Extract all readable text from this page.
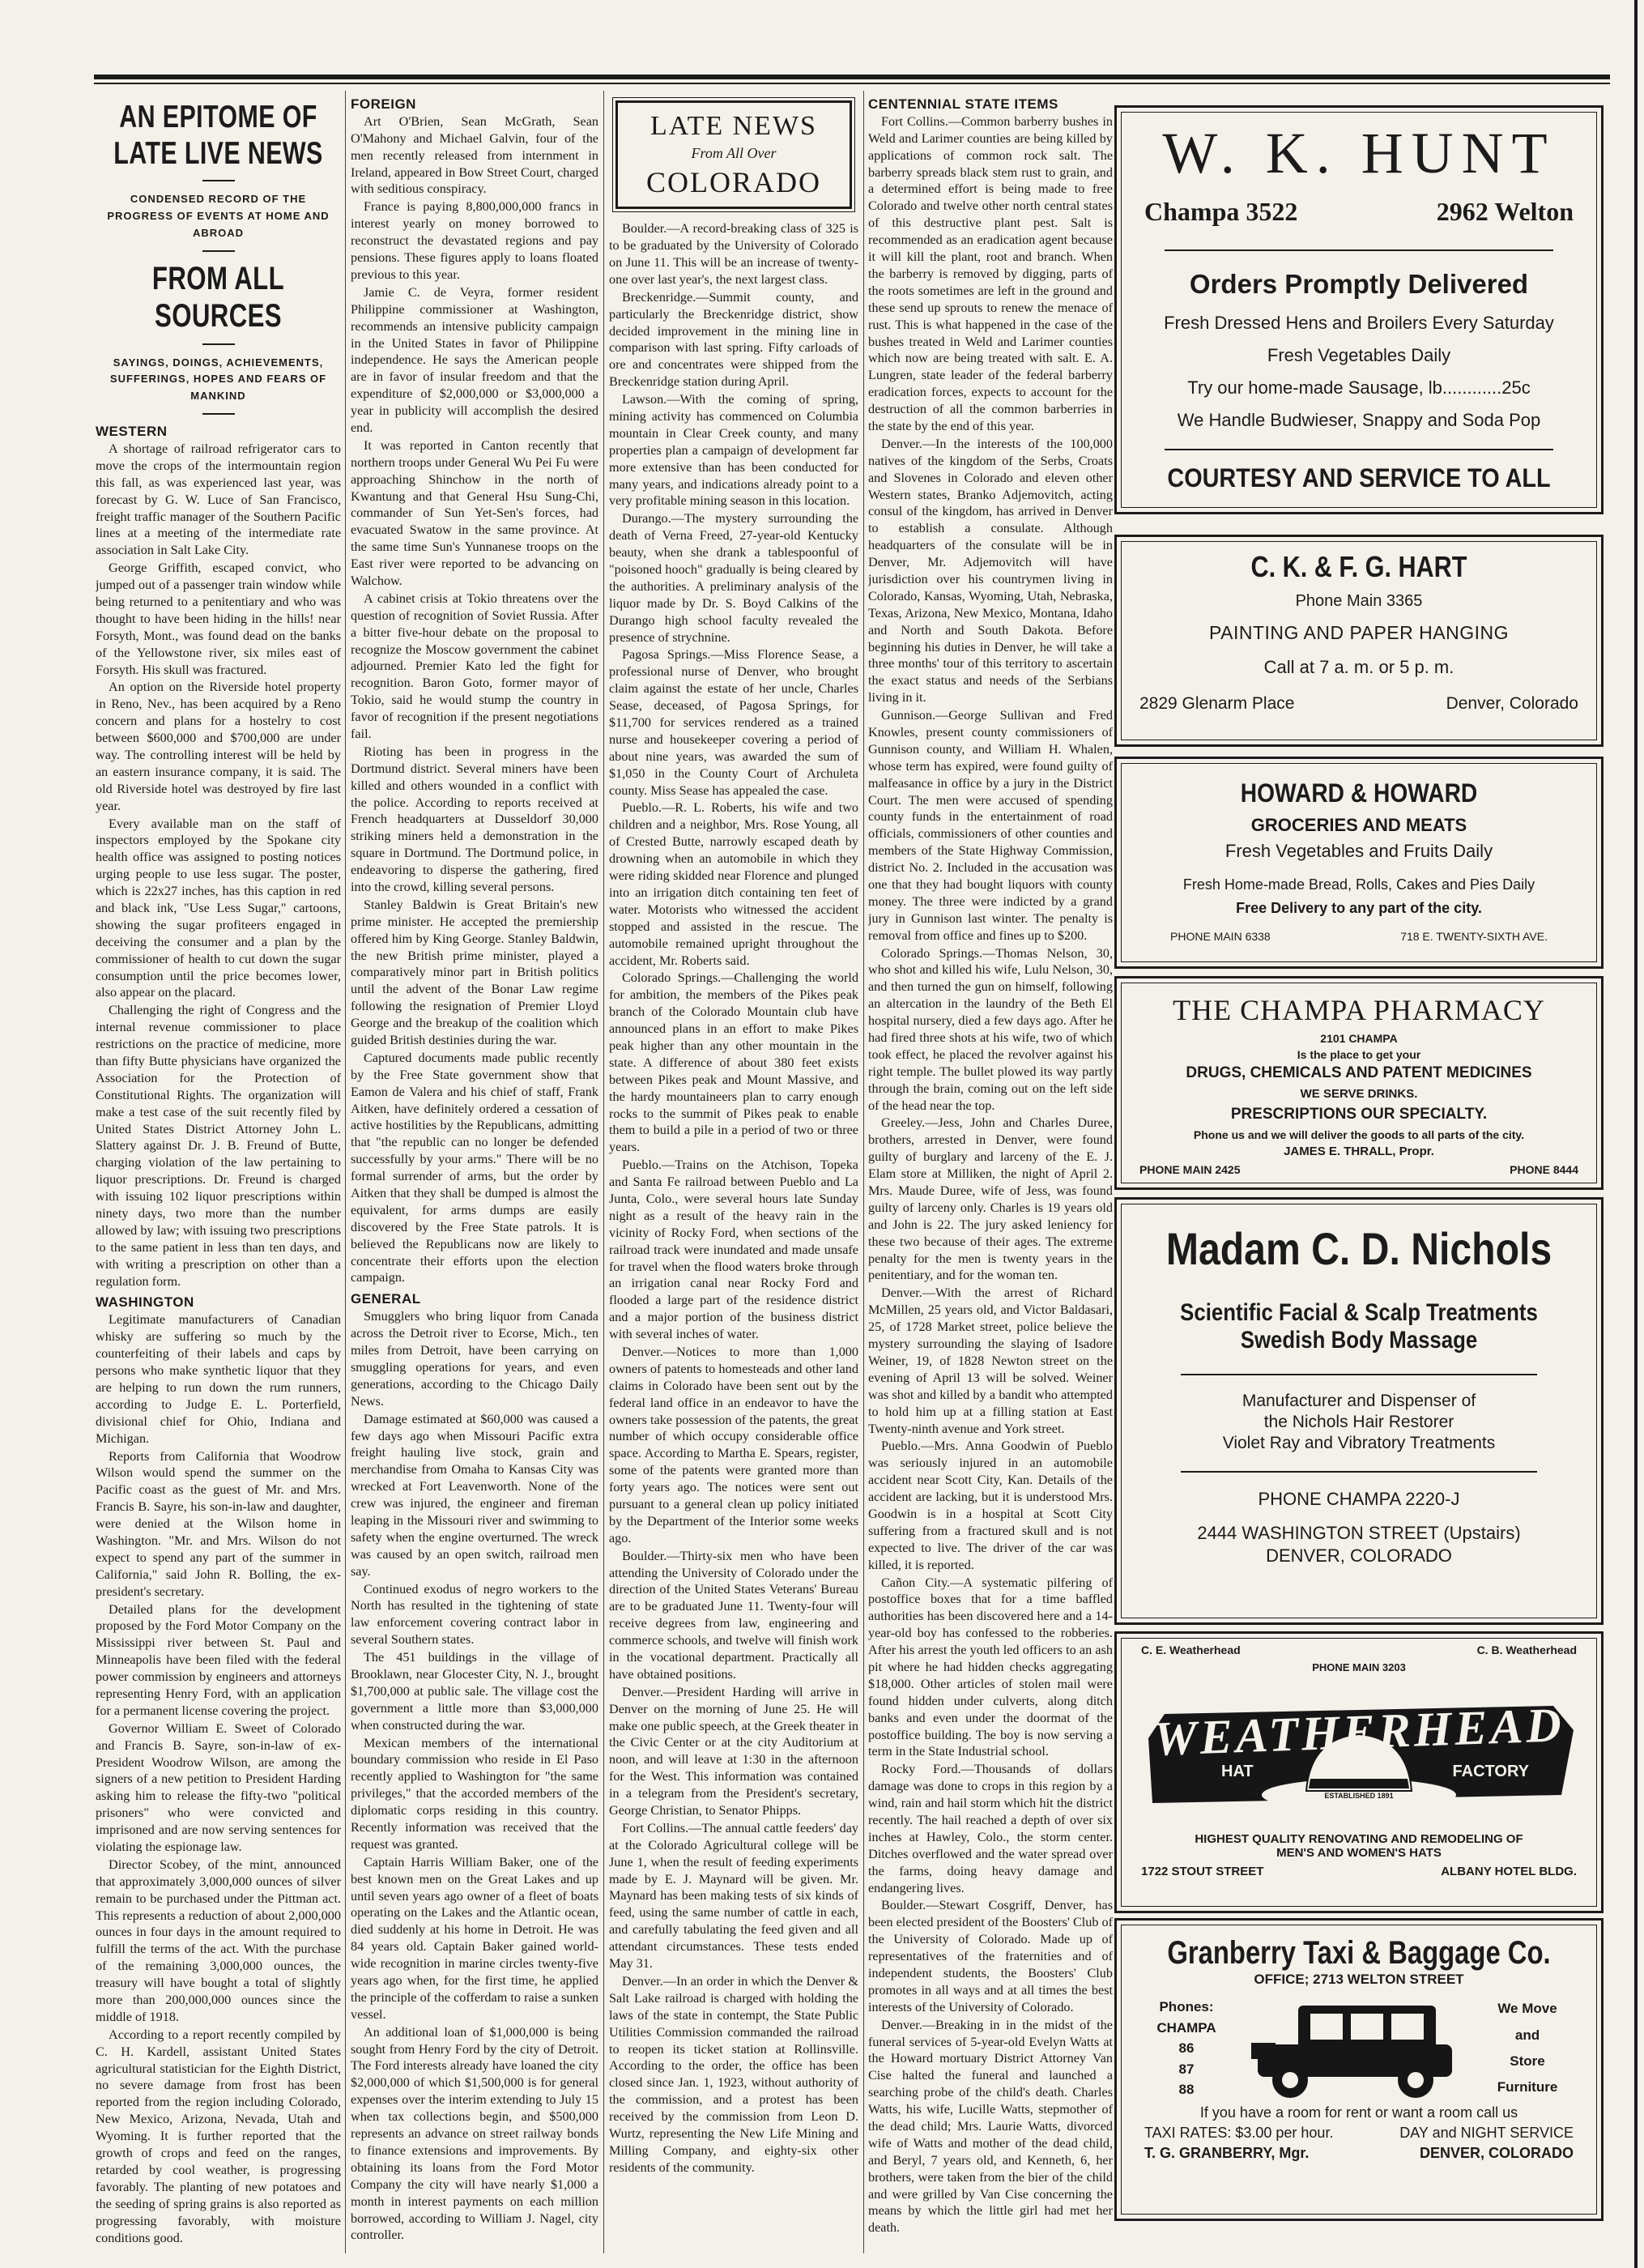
AN EPITOME OF LATE LIVE NEWS
CONDENSED RECORD OF THE PROGRESS OF EVENTS AT HOME AND ABROAD
FROM ALL SOURCES
SAYINGS, DOINGS, ACHIEVEMENTS, SUFFERINGS, HOPES AND FEARS OF MANKIND
WESTERN

A shortage of railroad refrigerator cars to move the crops of the intermountain region this fall, as was experienced last year, was forecast by G. W. Luce of San Francisco, freight traffic manager of the Southern Pacific lines at a meeting of the intermediate rate association in Salt Lake City.

George Griffith, escaped convict, who jumped out of a passenger train window while being returned to a penitentiary and who was thought to have been hiding in the hills! near Forsyth, Mont., was found dead on the banks of the Yellowstone river, six miles east of Forsyth. His skull was fractured.

An option on the Riverside hotel property in Reno, Nev., has been acquired by a Reno concern and plans for a hostelry to cost between $600,000 and $700,000 are under way. The controlling interest will be held by an eastern insurance company, it is said. The old Riverside hotel was destroyed by fire last year.

Every available man on the staff of inspectors employed by the Spokane city health office was assigned to posting notices urging people to use less sugar. The poster, which is 22x27 inches, has this caption in red and black ink, "Use Less Sugar," cartoons, showing the sugar profiteers engaged in deceiving the consumer and a plan by the commissioner of health to cut down the sugar consumption until the price becomes lower, also appear on the placard.

Challenging the right of Congress and the internal revenue commissioner to place restrictions on the practice of medicine, more than fifty Butte physicians have organized the Association for the Protection of Constitutional Rights. The organization will make a test case of the suit recently filed by United States District Attorney John L. Slattery against Dr. J. B. Freund of Butte, charging violation of the law pertaining to liquor prescriptions. Dr. Freund is charged with issuing 102 liquor prescriptions within ninety days, two more than the number allowed by law; with issuing two prescriptions to the same patient in less than ten days, and with writing a prescription on other than a regulation form.

WASHINGTON

Legitimate manufacturers of Canadian whisky are suffering so much by the counterfeiting of their labels and caps by persons who make synthetic liquor that they are helping to run down the rum runners, according to Judge E. L. Porterfield, divisional chief for Ohio, Indiana and Michigan.

Reports from California that Woodrow Wilson would spend the summer on the Pacific coast as the guest of Mr. and Mrs. Francis B. Sayre, his son-in-law and daughter, were denied at the Wilson home in Washington. "Mr. and Mrs. Wilson do not expect to spend any part of the summer in California," said John R. Bolling, the ex-president's secretary.

Detailed plans for the development proposed by the Ford Motor Company on the Mississippi river between St. Paul and Minneapolis have been filed with the federal power commission by engineers and attorneys representing Henry Ford, with an application for a permanent license covering the project.

Governor William E. Sweet of Colorado and Francis B. Sayre, son-in-law of ex-President Woodrow Wilson, are among the signers of a new petition to President Harding asking him to release the fifty-two "political prisoners" who were convicted and imprisoned and are now serving sentences for violating the espionage law.

Director Scobey, of the mint, announced that approximately 3,000,000 ounces of silver remain to be purchased under the Pittman act. This represents a reduction of about 2,000,000 ounces in four days in the amount required to fulfill the terms of the act. With the purchase of the remaining 3,000,000 ounces, the treasury will have bought a total of slightly more than 200,000,000 ounces since the middle of 1918.

According to a report recently compiled by C. H. Kardell, assistant United States agricultural statistician for the Eighth District, no severe damage from frost has been reported from the region including Colorado, New Mexico, Arizona, Nevada, Utah and Wyoming. It is further reported that the growth of crops and feed on the ranges, retarded by cool weather, is progressing favorably. The planting of new potatoes and the seeding of spring grains is also reported as progressing favorably, with moisture conditions good.

FOREIGN

Art O'Brien, Sean McGrath, Sean O'Mahony and Michael Galvin, four of the men recently released from internment in Ireland, appeared in Bow Street Court, charged with seditious conspiracy.

France is paying 8,800,000,000 francs in interest yearly on money borrowed to reconstruct the devastated regions and pay pensions. These figures apply to loans floated previous to this year.

Jamie C. de Veyra, former resident Philippine commissioner at Washington, recommends an intensive publicity campaign in the United States in favor of Philippine independence. He says the American people are in favor of insular freedom and that the expenditure of $2,000,000 or $3,000,000 a year in publicity will accomplish the desired end.

It was reported in Canton recently that northern troops under General Wu Pei Fu were approaching Shinchow in the north of Kwantung and that General Hsu Sung-Chi, commander of Sun Yet-Sen's forces, had evacuated Swatow in the same province. At the same time Sun's Yunnanese troops on the East river were reported to be advancing on Walchow.

A cabinet crisis at Tokio threatens over the question of recognition of Soviet Russia. After a bitter five-hour debate on the proposal to recognize the Moscow government the cabinet adjourned. Premier Kato led the fight for recognition. Baron Goto, former mayor of Tokio, said he would stump the country in favor of recognition if the present negotiations fail.

Rioting has been in progress in the Dortmund district. Several miners have been killed and others wounded in a conflict with the police. According to reports received at French headquarters at Dusseldorf 30,000 striking miners held a demonstration in the square in Dortmund. The Dortmund police, in endeavoring to disperse the gathering, fired into the crowd, killing several persons.

Stanley Baldwin is Great Britain's new prime minister. He accepted the premiership offered him by King George. Stanley Baldwin, the new British prime minister, played a comparatively minor part in British politics until the advent of the Bonar Law regime following the resignation of Premier Lloyd George and the breakup of the coalition which guided British destinies during the war.

Captured documents made public recently by the Free State government show that Eamon de Valera and his chief of staff, Frank Aitken, have definitely ordered a cessation of active hostilities by the Republicans, admitting that "the republic can no longer be defended successfully by your arms." There will be no formal surrender of arms, but the order by Aitken that they shall be dumped is almost the equivalent, for arms dumps are easily discovered by the Free State patrols. It is believed the Republicans now are likely to concentrate their efforts upon the election campaign.

GENERAL

Smugglers who bring liquor from Canada across the Detroit river to Ecorse, Mich., ten miles from Detroit, have been carrying on smuggling operations for years, and even generations, according to the Chicago Daily News.

Damage estimated at $60,000 was caused a few days ago when Missouri Pacific extra freight hauling live stock, grain and merchandise from Omaha to Kansas City was wrecked at Fort Leavenworth. None of the crew was injured, the engineer and fireman leaping in the Missouri river and swimming to safety when the engine overturned. The wreck was caused by an open switch, railroad men say.

Continued exodus of negro workers to the North has resulted in the tightening of state law enforcement covering contract labor in several Southern states.

The 451 buildings in the village of Brooklawn, near Glocester City, N. J., brought $1,700,000 at public sale. The village cost the government a little more than $3,000,000 when constructed during the war.

Mexican members of the international boundary commission who reside in El Paso recently applied to Washington for "the same privileges," that the accorded members of the diplomatic corps residing in this country. Recently information was received that the request was granted.

Captain Harris William Baker, one of the best known men on the Great Lakes and up until seven years ago owner of a fleet of boats operating on the Lakes and the Atlantic ocean, died suddenly at his home in Detroit. He was 84 years old. Captain Baker gained world-wide recognition in marine circles twenty-five years ago when, for the first time, he applied the principle of the cofferdam to raise a sunken vessel.

An additional loan of $1,000,000 is being sought from Henry Ford by the city of Detroit. The Ford interests already have loaned the city $2,000,000 of which $1,500,000 is for general expenses over the interim extending to July 15 when tax collections begin, and $500,000 represents an advance on street railway bonds to finance extensions and improvements. By obtaining its loans from the Ford Motor Company the city will have nearly $1,000 a month in interest payments on each million borrowed, according to William J. Nagel, city controller.

LATE NEWS
From All Over
COLORADO

Boulder.—A record-breaking class of 325 is to be graduated by the University of Colorado on June 11. This will be an increase of twenty-one over last year's, the next largest class.

Breckenridge.—Summit county, and particularly the Breckenridge district, show decided improvement in the mining line in comparison with last spring. Fifty carloads of ore and concentrates were shipped from the Breckenridge station during April.

Lawson.—With the coming of spring, mining activity has commenced on Columbia mountain in Clear Creek county, and many properties plan a campaign of development far more extensive than has been conducted for many years, and indications already point to a very profitable mining season in this location.

Durango.—The mystery surrounding the death of Verna Freed, 27-year-old Kentucky beauty, when she drank a tablespoonful of "poisoned hooch" gradually is being cleared by the authorities. A preliminary analysis of the liquor made by Dr. S. Boyd Calkins of the Durango high school faculty revealed the presence of strychnine.

Pagosa Springs.—Miss Florence Sease, a professional nurse of Denver, who brought claim against the estate of her uncle, Charles Sease, deceased, of Pagosa Springs, for $11,700 for services rendered as a trained nurse and housekeeper covering a period of about nine years, was awarded the sum of $1,050 in the County Court of Archuleta county. Miss Sease has appealed the case.

Pueblo.—R. L. Roberts, his wife and two children and a neighbor, Mrs. Rose Young, all of Crested Butte, narrowly escaped death by drowning when an automobile in which they were riding skidded near Florence and plunged into an irrigation ditch containing ten feet of water. Motorists who witnessed the accident stopped and assisted in the rescue. The automobile remained upright throughout the accident, Mr. Roberts said.

Colorado Springs.—Challenging the world for ambition, the members of the Pikes peak branch of the Colorado Mountain club have announced plans in an effort to make Pikes peak higher than any other mountain in the state. A difference of about 380 feet exists between Pikes peak and Mount Massive, and the hardy mountaineers plan to carry enough rocks to the summit of Pikes peak to enable them to build a pile in a period of two or three years.

Pueblo.—Trains on the Atchison, Topeka and Santa Fe railroad between Pueblo and La Junta, Colo., were several hours late Sunday night as a result of the heavy rain in the vicinity of Rocky Ford, when sections of the railroad track were inundated and made unsafe for travel when the flood waters broke through an irrigation canal near Rocky Ford and flooded a large part of the residence district and a major portion of the business district with several inches of water.

Denver.—Notices to more than 1,000 owners of patents to homesteads and other land claims in Colorado have been sent out by the federal land office in an endeavor to have the owners take possession of the patents, the great number of which occupy considerable office space. According to Martha E. Spears, register, some of the patents were granted more than forty years ago. The notices were sent out pursuant to a general clean up policy initiated by the Department of the Interior some weeks ago.

Boulder.—Thirty-six men who have been attending the University of Colorado under the direction of the United States Veterans' Bureau are to be graduated June 11. Twenty-four will receive degrees from law, engineering and commerce schools, and twelve will finish work in the vocational department. Practically all have obtained positions.

Denver.—President Harding will arrive in Denver on the morning of June 25. He will make one public speech, at the Greek theater in the Civic Center or at the city Auditorium at noon, and will leave at 1:30 in the afternoon for the West. This information was contained in a telegram from the President's secretary, George Christian, to Senator Phipps.

Fort Collins.—The annual cattle feeders' day at the Colorado Agricultural college will be June 1, when the result of feeding experiments made by E. J. Maynard will be given. Mr. Maynard has been making tests of six kinds of feed, using the same number of cattle in each, and carefully tabulating the feed given and all attendant circumstances. These tests ended May 31.

Denver.—In an order in which the Denver & Salt Lake railroad is charged with holding the laws of the state in contempt, the State Public Utilities Commission commanded the railroad to reopen its ticket station at Rollinsville. According to the order, the office has been closed since Jan. 1, 1923, without authority of the commission, and a protest has been received by the commission from Leon D. Wurtz, representing the New Life Mining and Milling Company, and eighty-six other residents of the community.

CENTENNIAL STATE ITEMS

Fort Collins.—Common barberry bushes in Weld and Larimer counties are being killed by applications of common rock salt. The barberry spreads black stem rust to grain, and a determined effort is being made to free Colorado and twelve other north central states of this destructive plant pest. Salt is recommended as an eradication agent because it will kill the plant, root and branch. When the barberry is removed by digging, parts of the roots sometimes are left in the ground and these send up sprouts to renew the menace of rust. This is what happened in the case of the bushes treated in Weld and Larimer counties which now are being treated with salt. E. A. Lungren, state leader of the federal barberry eradication forces, expects to account for the destruction of all the common barberries in the state by the end of this year.

Denver.—In the interests of the 100,000 natives of the kingdom of the Serbs, Croats and Slovenes in Colorado and eleven other Western states, Branko Adjemovitch, acting consul of the kingdom, has arrived in Denver to establish a consulate. Although headquarters of the consulate will be in Denver, Mr. Adjemovitch will have jurisdiction over his countrymen living in Colorado, Kansas, Wyoming, Utah, Nebraska, Texas, Arizona, New Mexico, Montana, Idaho and North and South Dakota. Before beginning his duties in Denver, he will take a three months' tour of this territory to ascertain the exact status and needs of the Serbians living in it.

Gunnison.—George Sullivan and Fred Knowles, present county commissioners of Gunnison county, and William H. Whalen, whose term has expired, were found guilty of malfeasance in office by a jury in the District Court. The men were accused of spending county funds in the entertainment of road officials, commissioners of other counties and members of the State Highway Commission, district No. 2. Included in the accusation was one that they had bought liquors with county money. The three were indicted by a grand jury in Gunnison last winter. The penalty is removal from office and fines up to $200.

Colorado Springs.—Thomas Nelson, 30, who shot and killed his wife, Lulu Nelson, 30, and then turned the gun on himself, following an altercation in the laundry of the Beth El hospital nursery, died a few days ago. After he had fired three shots at his wife, two of which took effect, he placed the revolver against his right temple. The bullet plowed its way partly through the brain, coming out on the left side of the head near the top.

Greeley.—Jess, John and Charles Duree, brothers, arrested in Denver, were found guilty of burglary and larceny of the E. J. Elam store at Milliken, the night of April 2. Mrs. Maude Duree, wife of Jess, was found guilty of larceny only. Charles is 19 years old and John is 22. The jury asked leniency for these two because of their ages. The extreme penalty for the men is twenty years in the penitentiary, and for the woman ten.

Denver.—With the arrest of Richard McMillen, 25 years old, and Victor Baldasari, 25, of 1728 Market street, police believe the mystery surrounding the slaying of Isadore Weiner, 19, of 1828 Newton street on the evening of April 13 will be solved. Weiner was shot and killed by a bandit who attempted to hold him up at a filling station at East Twenty-ninth avenue and York street.

Pueblo.—Mrs. Anna Goodwin of Pueblo was seriously injured in an automobile accident near Scott City, Kan. Details of the accident are lacking, but it is understood Mrs. Goodwin is in a hospital at Scott City suffering from a fractured skull and is not expected to live. The driver of the car was killed, it is reported.

Cañon City.—A systematic pilfering of postoffice boxes that for a time baffled authorities has been discovered here and a 14-year-old boy has confessed to the robberies. After his arrest the youth led officers to an ash pit where he had hidden checks aggregating $18,000. Other articles of stolen mail were found hidden under culverts, along ditch banks and even under the doormat of the postoffice building. The boy is now serving a term in the State Industrial school.

Rocky Ford.—Thousands of dollars damage was done to crops in this region by a wind, rain and hail storm which hit the district recently. The hail reached a depth of over six inches at Hawley, Colo., the storm center. Ditches overflowed and the water spread over the farms, doing heavy damage and endangering lives.

Boulder.—Stewart Cosgriff, Denver, has been elected president of the Boosters' Club of the University of Colorado. Made up of representatives of the fraternities and of independent students, the Boosters' Club promotes in all ways and at all times the best interests of the University of Colorado.

Denver.—Breaking in in the midst of the funeral services of 5-year-old Evelyn Watts at the Howard mortuary District Attorney Van Cise halted the funeral and launched a searching probe of the child's death. Charles Watts, his wife, Lucille Watts, stepmother of the dead child; Mrs. Laurie Watts, divorced wife of Watts and mother of the dead child, and Beryl, 7 years old, and Kenneth, 6, her brothers, were taken from the bier of the child and were grilled by Van Cise concerning the means by which the little girl had met her death.

W. K. HUNT
Champa 3522	2962 Welton
Orders Promptly Delivered
Fresh Dressed Hens and Broilers Every Saturday
Fresh Vegetables Daily
Try our home-made Sausage, lb............25c
We Handle Budwieser, Snappy and Soda Pop
COURTESY AND SERVICE TO ALL
C. K. & F. G. HART
Phone Main 3365
PAINTING AND PAPER HANGING
Call at 7 a. m. or 5 p. m.
2829 Glenarm Place	Denver, Colorado
HOWARD & HOWARD
GROCERIES AND MEATS
Fresh Vegetables and Fruits Daily
Fresh Home-made Bread, Rolls, Cakes and Pies Daily
Free Delivery to any part of the city.
PHONE MAIN 6338	718 E. TWENTY-SIXTH AVE.
THE CHAMPA PHARMACY
2101 CHAMPA
Is the place to get your
DRUGS, CHEMICALS AND PATENT MEDICINES
WE SERVE DRINKS.
PRESCRIPTIONS OUR SPECIALTY.
Phone us and we will deliver the goods to all parts of the city.
JAMES E. THRALL, Propr.
PHONE MAIN 2425	PHONE 8444
Madam C. D. Nichols
Scientific Facial & Scalp Treatments
Swedish Body Massage
Manufacturer and Dispenser of
the Nichols Hair Restorer
Violet Ray and Vibratory Treatments
PHONE CHAMPA 2220-J
2444 WASHINGTON STREET (Upstairs)
DENVER, COLORADO
C. E. Weatherhead	C. B. Weatherhead
PHONE MAIN 3203
WEATHERHEAD
HAT	FACTORY
ESTABLISHED 1891
HIGHEST QUALITY RENOVATING AND REMODELING OF
MEN'S AND WOMEN'S HATS
1722 STOUT STREET	ALBANY HOTEL BLDG.
Granberry Taxi & Baggage Co.
OFFICE; 2713 WELTON STREET
Phones:
CHAMPA
86
87
88
We Move
and
Store
Furniture
If you have a room for rent or want a room call us
TAXI RATES: $3.00 per hour.	DAY and NIGHT SERVICE
T. G. GRANBERRY, Mgr.	DENVER, COLORADO
